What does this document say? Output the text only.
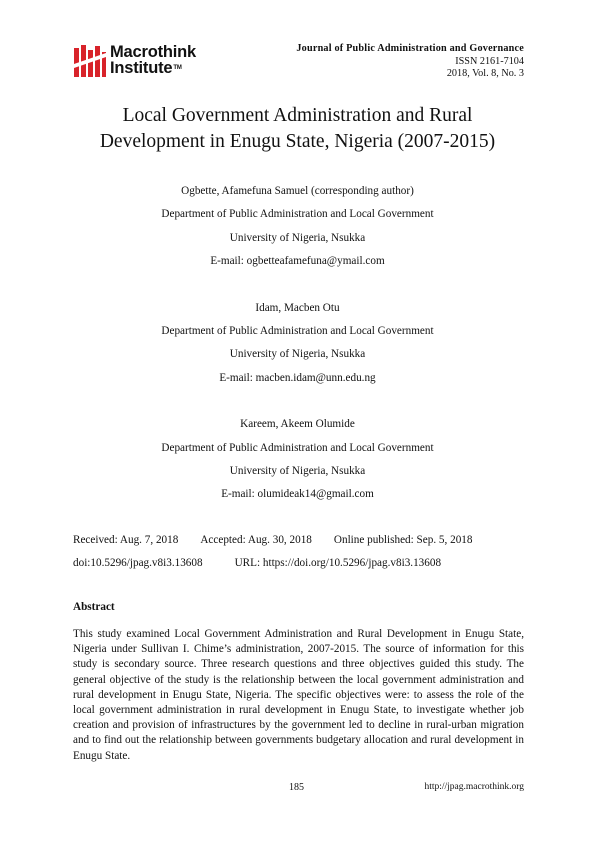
Macrothink
Institute™
Journal of Public Administration and Governance
ISSN 2161-7104
2018, Vol. 8, No. 3
Local Government Administration and Rural
Development in Enugu State, Nigeria (2007-2015)
Ogbette, Afamefuna Samuel (corresponding author)
Department of Public Administration and Local Government
University of Nigeria, Nsukka
E-mail: ogbetteafamefuna@ymail.com
Idam, Macben Otu
Department of Public Administration and Local Government
University of Nigeria, Nsukka
E-mail: macben.idam@unn.edu.ng
Kareem, Akeem Olumide
Department of Public Administration and Local Government
University of Nigeria, Nsukka
E-mail: olumideak14@gmail.com
Received: Aug. 7, 2018 Accepted: Aug. 30, 2018 Online published: Sep. 5, 2018
doi:10.5296/jpag.v8i3.13608	URL: https://doi.org/10.5296/jpag.v8i3.13608
Abstract
This study examined Local Government Administration and Rural Development in Enugu State, Nigeria under Sullivan I. Chime’s administration, 2007-2015. The source of information for this study is secondary source. Three research questions and three objectives guided this study. The general objective of the study is the relationship between the local government administration and rural development in Enugu State, Nigeria. The specific objectives were: to assess the role of the local government administration in rural development in Enugu State, to investigate whether job creation and provision of infrastructures by the government led to decline in rural-urban migration and to find out the relationship between governments budgetary allocation and rural development in Enugu State.
185	http://jpag.macrothink.org
